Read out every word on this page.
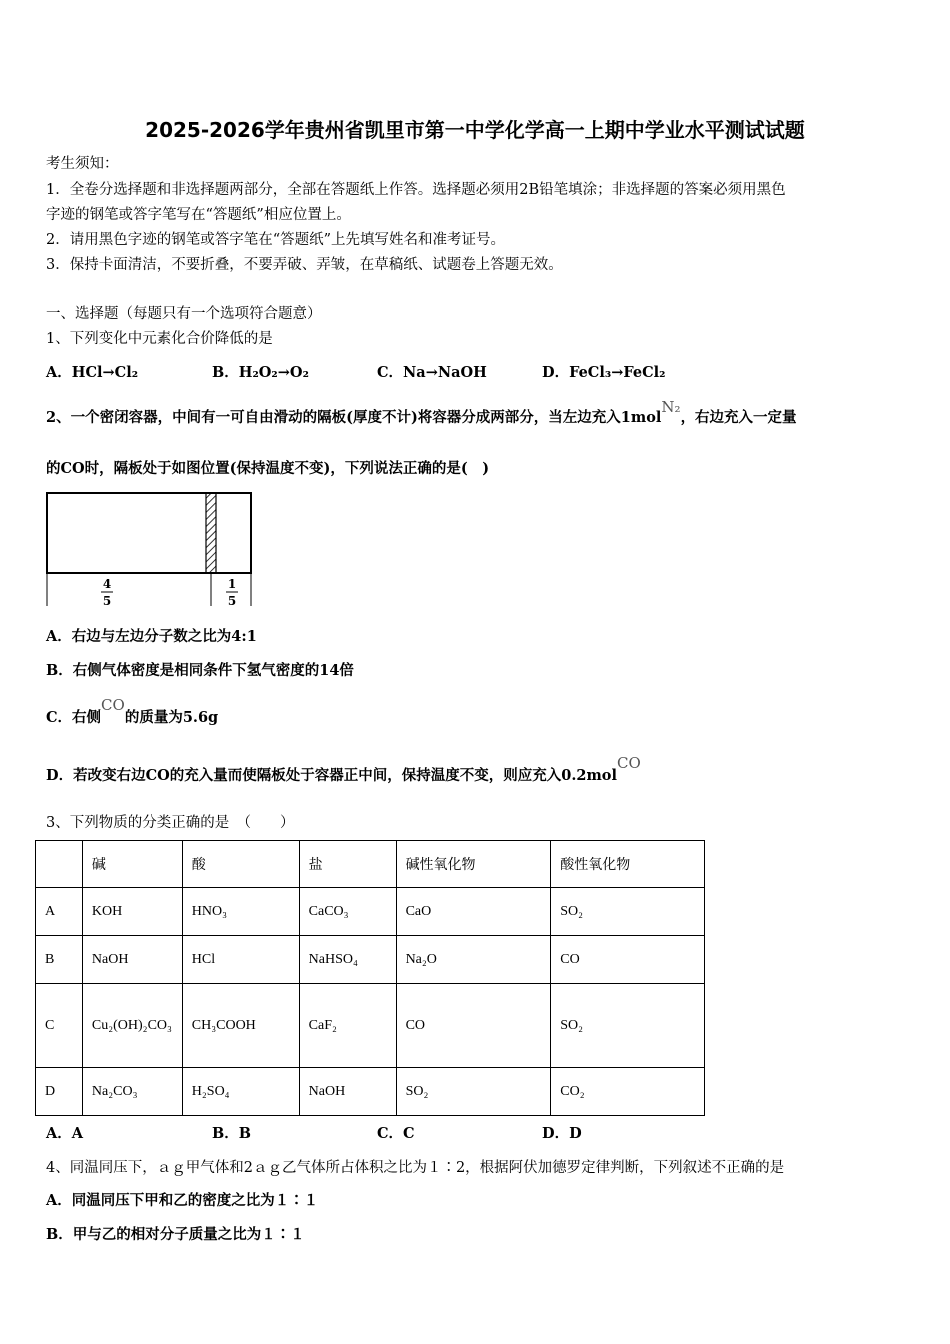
2025-2026学年贵州省凯里市第一中学化学高一上期中学业水平测试试题
考生须知：
1．全卷分选择题和非选择题两部分，全部在答题纸上作答。选择题必须用2B铅笔填涂；非选择题的答案必须用黑色
字迹的钢笔或答字笔写在“答题纸”相应位置上。
2．请用黑色字迹的钢笔或答字笔在“答题纸”上先填写姓名和准考证号。
3．保持卡面清洁，不要折叠，不要弄破、弄皱，在草稿纸、试题卷上答题无效。
一、选择题（每题只有一个选项符合题意）
1、下列变化中元素化合价降低的是
A．HCl→Cl₂	B．H₂O₂→O₂	C．Na→NaOH	D．FeCl₃→FeCl₂
2、一个密闭容器，中间有一可自由滑动的隔板(厚度不计)将容器分成两部分，当左边充入1molN₂，右边充入一定量
的CO时，隔板处于如图位置(保持温度不变)，下列说法正确的是(　)
4
5
1
5
A．右边与左边分子数之比为4:1
B．右侧气体密度是相同条件下氢气密度的14倍
C．右侧CO的质量为5.6g
D．若改变右边CO的充入量而使隔板处于容器正中间，保持温度不变，则应充入0.2molCO
3、下列物质的分类正确的是　（　　）
	碱	酸	盐	碱性氧化物	酸性氧化物
A	KOH	HNO₃	CaCO₃	CaO	SO₂
B	NaOH	HCl	NaHSO₄	Na₂O	CO
C	Cu₂(OH)₂CO₃	CH₃COOH	CaF₂	CO	SO₂
D	Na₂CO₃	H₂SO₄	NaOH	SO₂	CO₂
A．A	B．B	C．C	D．D
4、同温同压下，ａｇ甲气体和2ａｇ乙气体所占体积之比为１∶2，根据阿伏加德罗定律判断，下列叙述不正确的是
A．同温同压下甲和乙的密度之比为１∶１
B．甲与乙的相对分子质量之比为１∶１
